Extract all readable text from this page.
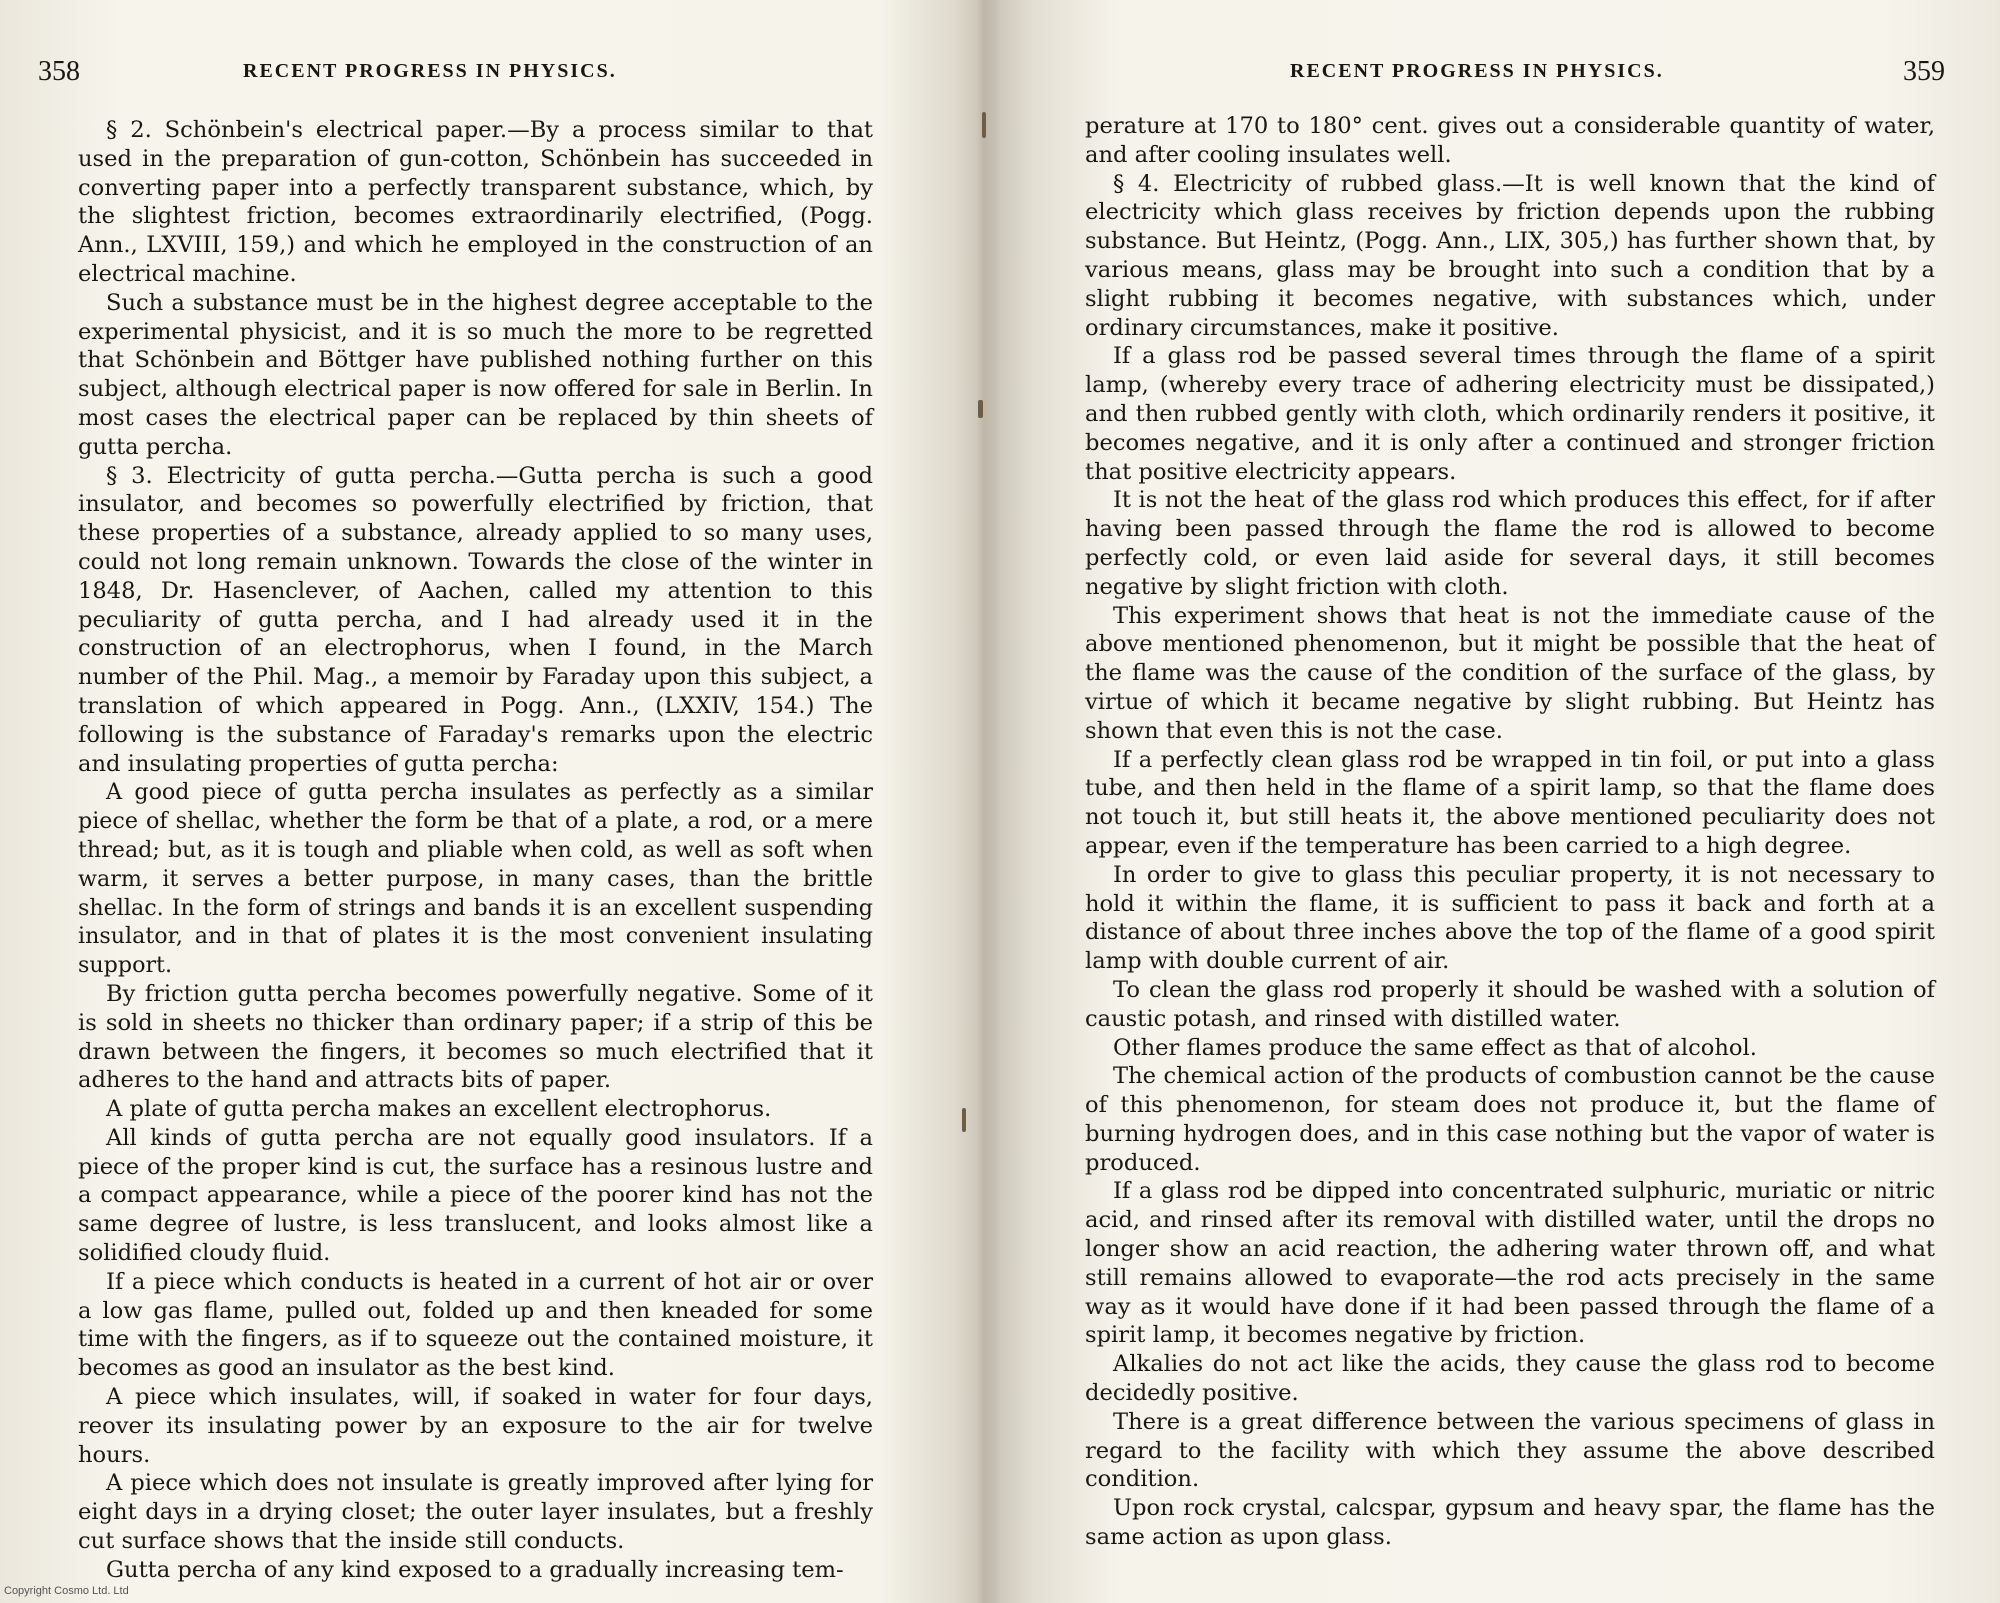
358	RECENT PROGRESS IN PHYSICS.

§ 2. Schönbein's electrical paper.—By a process similar to that used in the preparation of gun-cotton, Schönbein has succeeded in converting paper into a perfectly transparent substance, which, by the slightest friction, becomes extraordinarily electrified, (Pogg. Ann., LXVIII, 159,) and which he employed in the construction of an electrical machine.

Such a substance must be in the highest degree acceptable to the experimental physicist, and it is so much the more to be regretted that Schönbein and Böttger have published nothing further on this subject, although electrical paper is now offered for sale in Berlin. In most cases the electrical paper can be replaced by thin sheets of gutta percha.

§ 3. Electricity of gutta percha.—Gutta percha is such a good insulator, and becomes so powerfully electrified by friction, that these properties of a substance, already applied to so many uses, could not long remain unknown. Towards the close of the winter in 1848, Dr. Hasenclever, of Aachen, called my attention to this peculiarity of gutta percha, and I had already used it in the construction of an electrophorus, when I found, in the March number of the Phil. Mag., a memoir by Faraday upon this subject, a translation of which appeared in Pogg. Ann., (LXXIV, 154.) The following is the substance of Faraday's remarks upon the electric and insulating properties of gutta percha:

A good piece of gutta percha insulates as perfectly as a similar piece of shellac, whether the form be that of a plate, a rod, or a mere thread; but, as it is tough and pliable when cold, as well as soft when warm, it serves a better purpose, in many cases, than the brittle shellac. In the form of strings and bands it is an excellent suspending insulator, and in that of plates it is the most convenient insulating support.

By friction gutta percha becomes powerfully negative. Some of it is sold in sheets no thicker than ordinary paper; if a strip of this be drawn between the fingers, it becomes so much electrified that it adheres to the hand and attracts bits of paper.

A plate of gutta percha makes an excellent electrophorus.

All kinds of gutta percha are not equally good insulators. If a piece of the proper kind is cut, the surface has a resinous lustre and a compact appearance, while a piece of the poorer kind has not the same degree of lustre, is less translucent, and looks almost like a solidified cloudy fluid.

If a piece which conducts is heated in a current of hot air or over a low gas flame, pulled out, folded up and then kneaded for some time with the fingers, as if to squeeze out the contained moisture, it becomes as good an insulator as the best kind.

A piece which insulates, will, if soaked in water for four days, reover its insulating power by an exposure to the air for twelve hours.

A piece which does not insulate is greatly improved after lying for eight days in a drying closet; the outer layer insulates, but a freshly cut surface shows that the inside still conducts.

Gutta percha of any kind exposed to a gradually increasing tem-

RECENT PROGRESS IN PHYSICS.	359

perature at 170 to 180° cent. gives out a considerable quantity of water, and after cooling insulates well.

§ 4. Electricity of rubbed glass.—It is well known that the kind of electricity which glass receives by friction depends upon the rubbing substance. But Heintz, (Pogg. Ann., LIX, 305,) has further shown that, by various means, glass may be brought into such a condition that by a slight rubbing it becomes negative, with substances which, under ordinary circumstances, make it positive.

If a glass rod be passed several times through the flame of a spirit lamp, (whereby every trace of adhering electricity must be dissipated,) and then rubbed gently with cloth, which ordinarily renders it positive, it becomes negative, and it is only after a continued and stronger friction that positive electricity appears.

It is not the heat of the glass rod which produces this effect, for if after having been passed through the flame the rod is allowed to become perfectly cold, or even laid aside for several days, it still becomes negative by slight friction with cloth.

This experiment shows that heat is not the immediate cause of the above mentioned phenomenon, but it might be possible that the heat of the flame was the cause of the condition of the surface of the glass, by virtue of which it became negative by slight rubbing. But Heintz has shown that even this is not the case.

If a perfectly clean glass rod be wrapped in tin foil, or put into a glass tube, and then held in the flame of a spirit lamp, so that the flame does not touch it, but still heats it, the above mentioned peculiarity does not appear, even if the temperature has been carried to a high degree.

In order to give to glass this peculiar property, it is not necessary to hold it within the flame, it is sufficient to pass it back and forth at a distance of about three inches above the top of the flame of a good spirit lamp with double current of air.

To clean the glass rod properly it should be washed with a solution of caustic potash, and rinsed with distilled water.

Other flames produce the same effect as that of alcohol.

The chemical action of the products of combustion cannot be the cause of this phenomenon, for steam does not produce it, but the flame of burning hydrogen does, and in this case nothing but the vapor of water is produced.

If a glass rod be dipped into concentrated sulphuric, muriatic or nitric acid, and rinsed after its removal with distilled water, until the drops no longer show an acid reaction, the adhering water thrown off, and what still remains allowed to evaporate—the rod acts precisely in the same way as it would have done if it had been passed through the flame of a spirit lamp, it becomes negative by friction.

Alkalies do not act like the acids, they cause the glass rod to become decidedly positive.

There is a great difference between the various specimens of glass in regard to the facility with which they assume the above described condition.

Upon rock crystal, calcspar, gypsum and heavy spar, the flame has the same action as upon glass.

Copyright Cosmo Ltd. Ltd
